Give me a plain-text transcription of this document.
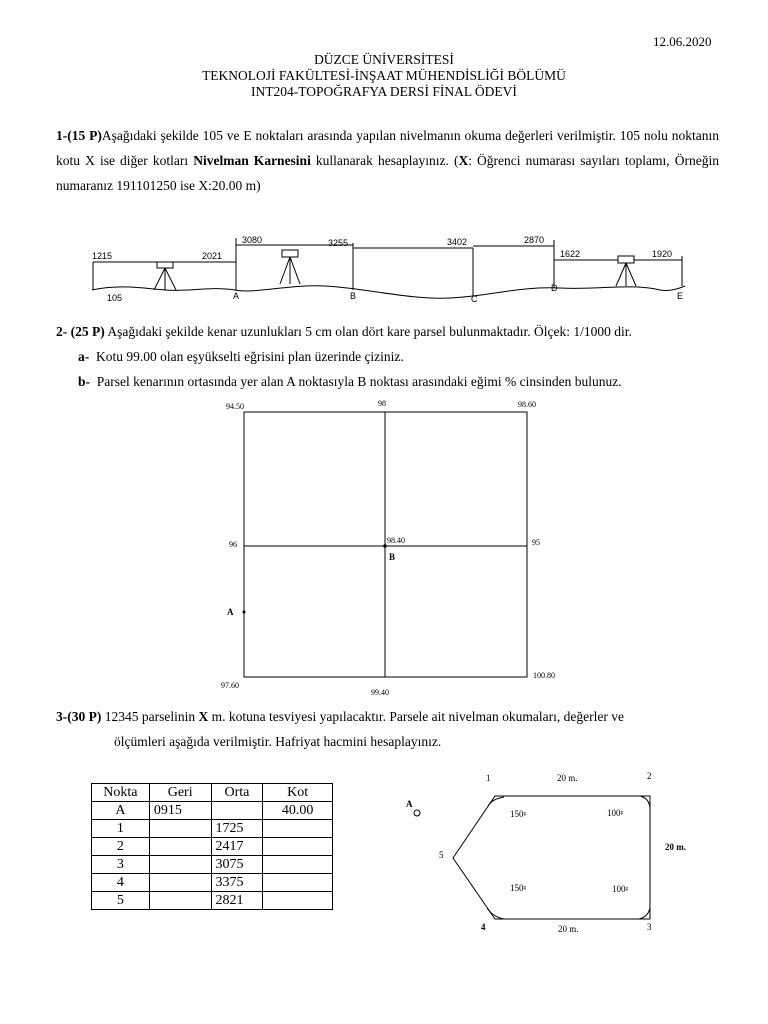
12.06.2020
DÜZCE ÜNİVERSİTESİ
TEKNOLOJİ FAKÜLTESİ-İNŞAAT MÜHENDİSLİĞİ BÖLÜMÜ
INT204-TOPOĞRAFYA DERSİ FİNAL ÖDEVİ
1-(15 P)Aşağıdaki şekilde 105 ve E noktaları arasında yapılan nivelmanın okuma değerleri verilmiştir. 105 nolu noktanın kotu X ise diğer kotları Nivelman Karnesini kullanarak hesaplayınız. (X: Öğrenci numarası sayıları toplamı, Örneğin numaranız 191101250 ise X:20.00 m)
1215	2021
3080	3255	3402	2870
1622	1920
105	A	B	C
D
E
2- (25 P) Aşağıdaki şekilde kenar uzunlukları 5 cm olan dört kare parsel bulunmaktadır. Ölçek: 1/1000 dir.
a- Kotu 99.00 olan eşyükselti eğrisini plan üzerinde çiziniz.
b- Parsel kenarının ortasında yer alan A noktasıyla B noktası arasındaki eğimi % cinsinden bulunuz.
94.50	98	98.60
96	98.40	95
97.60
99.40
100.80
A
B
3-(30 P) 12345 parselinin X m. kotuna tesviyesi yapılacaktır. Parsele ait nivelman okumaları, değerler ve
ölçümleri aşağıda verilmiştir. Hafriyat hacmini hesaplayınız.
Nokta	Geri	Orta	Kot
A	0915		40.00
1		1725	
2		2417	
3		3075	
4		3375	
5		2821	
A
1	2
3
4
5
20 m.
20 m.
20 m.
150ᵍ	100ᵍ
150ᵍ	100ᵍ
